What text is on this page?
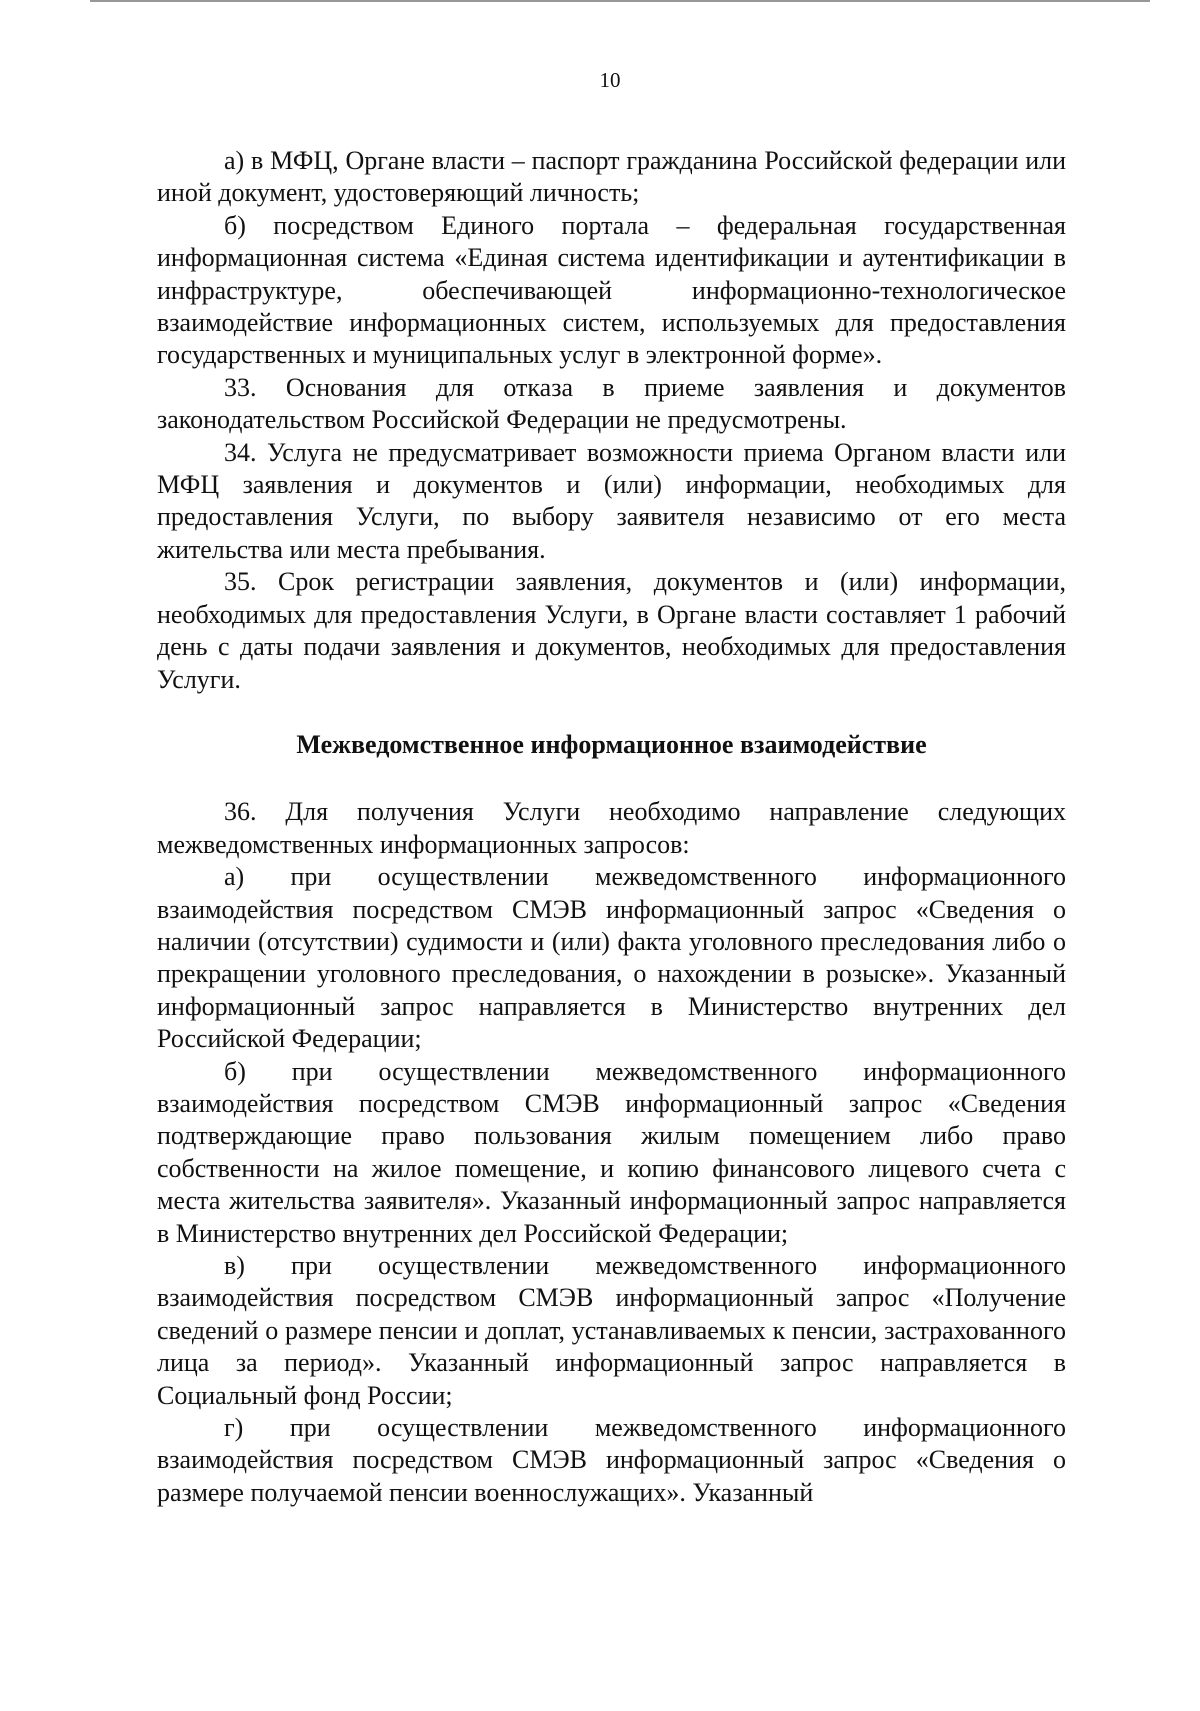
10

а) в МФЦ, Органе власти – паспорт гражданина Российской федерации или иной документ, удостоверяющий личность;

б) посредством Единого портала – федеральная государственная информационная система «Единая система идентификации и аутентификации в инфраструктуре, обеспечивающей информационно-технологическое взаимодействие информационных систем, используемых для предоставления государственных и муниципальных услуг в электронной форме».

33. Основания для отказа в приеме заявления и документов законодательством Российской Федерации не предусмотрены.

34. Услуга не предусматривает возможности приема Органом власти или МФЦ заявления и документов и (или) информации, необходимых для предоставления Услуги, по выбору заявителя независимо от его места жительства или места пребывания.

35. Срок регистрации заявления, документов и (или) информации, необходимых для предоставления Услуги, в Органе власти составляет 1 рабочий день с даты подачи заявления и документов, необходимых для предоставления Услуги.

Межведомственное информационное взаимодействие

36. Для получения Услуги необходимо направление следующих межведомственных информационных запросов:

а) при осуществлении межведомственного информационного взаимодействия посредством СМЭВ информационный запрос «Сведения о наличии (отсутствии) судимости и (или) факта уголовного преследования либо о прекращении уголовного преследования, о нахождении в розыске». Указанный информационный запрос направляется в Министерство внутренних дел Российской Федерации;

б) при осуществлении межведомственного информационного взаимодействия посредством СМЭВ информационный запрос «Сведения подтверждающие право пользования жилым помещением либо право собственности на жилое помещение, и копию финансового лицевого счета с места жительства заявителя». Указанный информационный запрос направляется в Министерство внутренних дел Российской Федерации;

в) при осуществлении межведомственного информационного взаимодействия посредством СМЭВ информационный запрос «Получение сведений о размере пенсии и доплат, устанавливаемых к пенсии, застрахованного лица за период». Указанный информационный запрос направляется в Социальный фонд России;

г) при осуществлении межведомственного информационного взаимодействия посредством СМЭВ информационный запрос «Сведения о размере получаемой пенсии военнослужащих». Указанный
